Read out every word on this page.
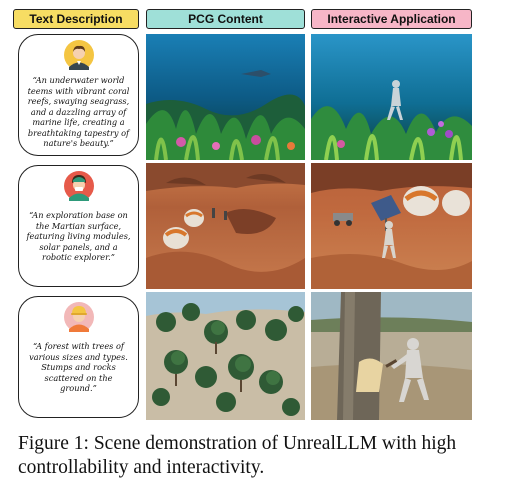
Text Description	PCG Content	Interactive Application
“An underwater world
teems with vibrant coral
reefs, swaying seagrass,
and a dazzling array of
marine life, creating a
breathtaking tapestry of
nature's beauty.”
“An exploration base on
the Martian surface,
featuring living modules,
solar panels, and a
robotic explorer.”
“A forest with trees of
various sizes and types.
Stumps and rocks
scattered on the ground.”
Figure 1: Scene demonstration of UnrealLLM with high
controllability and interactivity.
